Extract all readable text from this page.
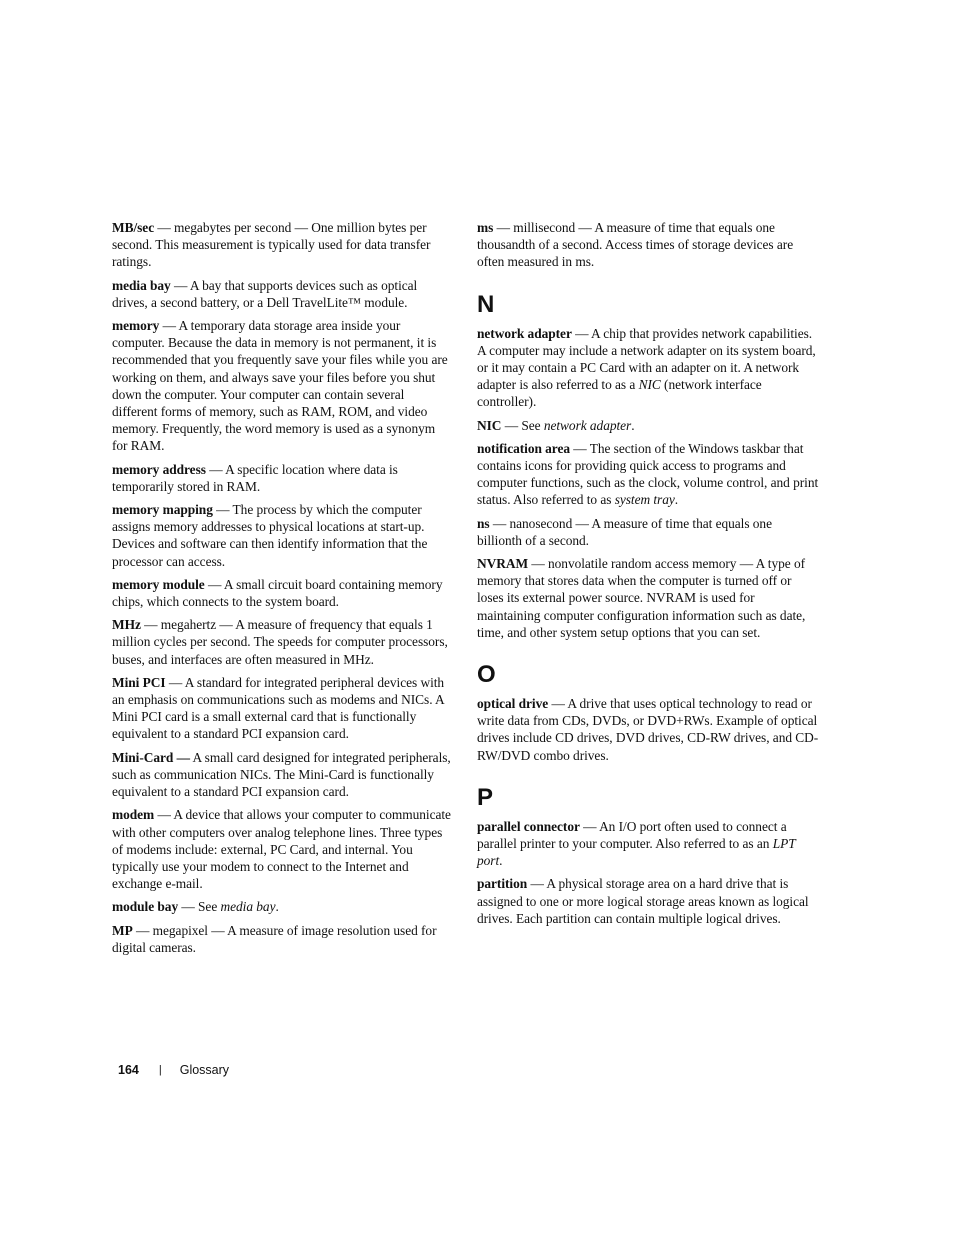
MB/sec — megabytes per second — One million bytes per second. This measurement is typically used for data transfer ratings.

media bay — A bay that supports devices such as optical drives, a second battery, or a Dell TravelLite™ module.

memory — A temporary data storage area inside your computer. Because the data in memory is not permanent, it is recommended that you frequently save your files while you are working on them, and always save your files before you shut down the computer. Your computer can contain several different forms of memory, such as RAM, ROM, and video memory. Frequently, the word memory is used as a synonym for RAM.

memory address — A specific location where data is temporarily stored in RAM.

memory mapping — The process by which the computer assigns memory addresses to physical locations at start-up. Devices and software can then identify information that the processor can access.

memory module — A small circuit board containing memory chips, which connects to the system board.

MHz — megahertz — A measure of frequency that equals 1 million cycles per second. The speeds for computer processors, buses, and interfaces are often measured in MHz.

Mini PCI — A standard for integrated peripheral devices with an emphasis on communications such as modems and NICs. A Mini PCI card is a small external card that is functionally equivalent to a standard PCI expansion card.

Mini-Card — A small card designed for integrated peripherals, such as communication NICs. The Mini-Card is functionally equivalent to a standard PCI expansion card.

modem — A device that allows your computer to communicate with other computers over analog telephone lines. Three types of modems include: external, PC Card, and internal. You typically use your modem to connect to the Internet and exchange e-mail.

module bay — See media bay.

MP — megapixel — A measure of image resolution used for digital cameras.

ms — millisecond — A measure of time that equals one thousandth of a second. Access times of storage devices are often measured in ms.

N

network adapter — A chip that provides network capabilities. A computer may include a network adapter on its system board, or it may contain a PC Card with an adapter on it. A network adapter is also referred to as a NIC (network interface controller).

NIC — See network adapter.

notification area — The section of the Windows taskbar that contains icons for providing quick access to programs and computer functions, such as the clock, volume control, and print status. Also referred to as system tray.

ns — nanosecond — A measure of time that equals one billionth of a second.

NVRAM — nonvolatile random access memory — A type of memory that stores data when the computer is turned off or loses its external power source. NVRAM is used for maintaining computer configuration information such as date, time, and other system setup options that you can set.

O

optical drive — A drive that uses optical technology to read or write data from CDs, DVDs, or DVD+RWs. Example of optical drives include CD drives, DVD drives, CD-RW drives, and CD-RW/DVD combo drives.

P

parallel connector — An I/O port often used to connect a parallel printer to your computer. Also referred to as an LPT port.

partition — A physical storage area on a hard drive that is assigned to one or more logical storage areas known as logical drives. Each partition can contain multiple logical drives.

164 | Glossary
